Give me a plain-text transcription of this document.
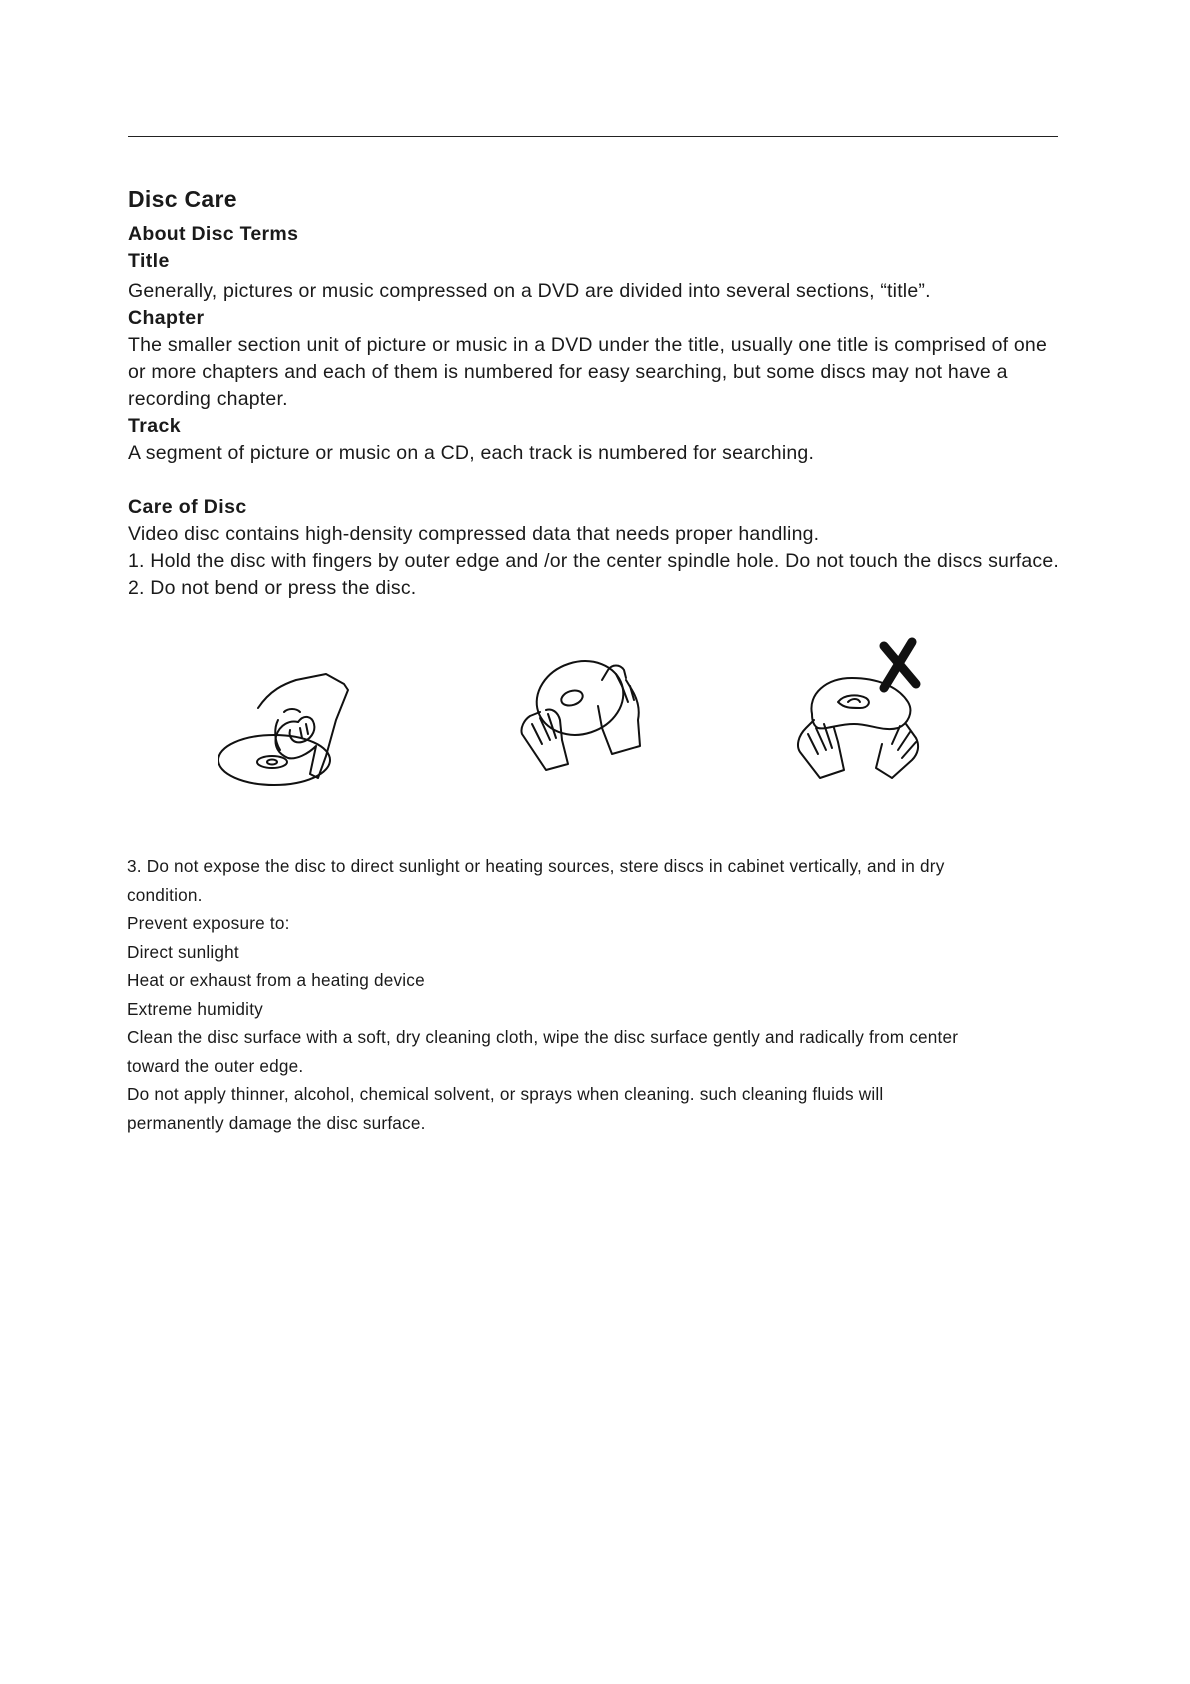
Disc Care
About Disc Terms
Title
Generally, pictures or music compressed on a DVD are divided into several sections, “title”.
Chapter
The smaller section unit of picture or music in a DVD under the title, usually one title is comprised of one
or more chapters and each of them is numbered for easy searching, but some discs may not have a
recording chapter.
Track
A segment of picture or music on a CD, each track is numbered for searching.
Care of Disc
Video disc contains high-density compressed data that needs proper handling.
1. Hold the disc with fingers by outer edge and /or the center spindle hole. Do not touch the discs surface.
2. Do not bend or press the disc.
3. Do not expose the disc to direct sunlight or heating sources, stere discs in cabinet vertically, and in dry
condition.
Prevent exposure to:
Direct sunlight
Heat or exhaust from a heating device
Extreme humidity
Clean the disc surface with a soft, dry cleaning cloth, wipe the disc surface gently and radically from center
toward the outer edge.
Do not apply thinner, alcohol, chemical solvent, or sprays when cleaning. such cleaning fluids will
permanently damage the disc surface.
